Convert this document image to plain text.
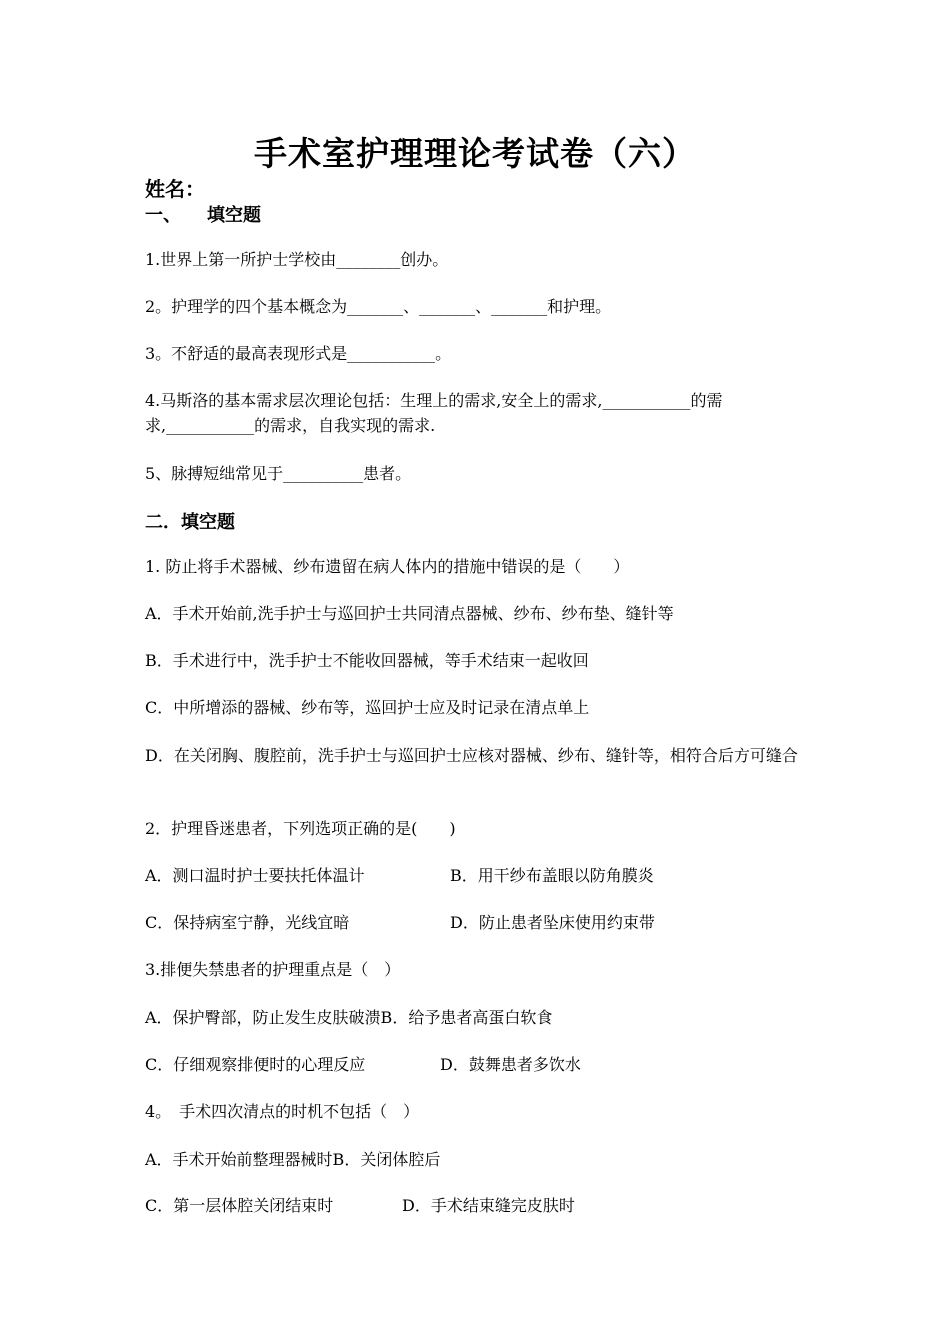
手术室护理理论考试卷（六）
姓名：
一、 填空题
1.世界上第一所护士学校由________创办。
2。护理学的四个基本概念为_______、_______、_______和护理。
3。不舒适的最高表现形式是___________。
4.马斯洛的基本需求层次理论包括：生理上的需求,安全上的需求,___________的需求,___________的需求，自我实现的需求.
5、脉搏短绌常见于__________患者。
二．填空题
1. 防止将手术器械、纱布遗留在病人体内的措施中错误的是（　　）
A．手术开始前,洗手护士与巡回护士共同清点器械、纱布、纱布垫、缝针等
B．手术进行中，洗手护士不能收回器械，等手术结束一起收回
C．中所增添的器械、纱布等，巡回护士应及时记录在清点单上
D．在关闭胸、腹腔前，洗手护士与巡回护士应核对器械、纱布、缝针等，相符合后方可缝合
2．护理昏迷患者，下列选项正确的是(　　)
A．测口温时护士要扶托体温计	B．用干纱布盖眼以防角膜炎
C．保持病室宁静，光线宜暗	D．防止患者坠床使用约束带
3.排便失禁患者的护理重点是（　）
A．保护臀部，防止发生皮肤破溃B．给予患者高蛋白软食
C．仔细观察排便时的心理反应	D．鼓舞患者多饮水
4。　手术四次清点的时机不包括（　）
A．手术开始前整理器械时B．关闭体腔后
C．第一层体腔关闭结束时	D．手术结束缝完皮肤时
